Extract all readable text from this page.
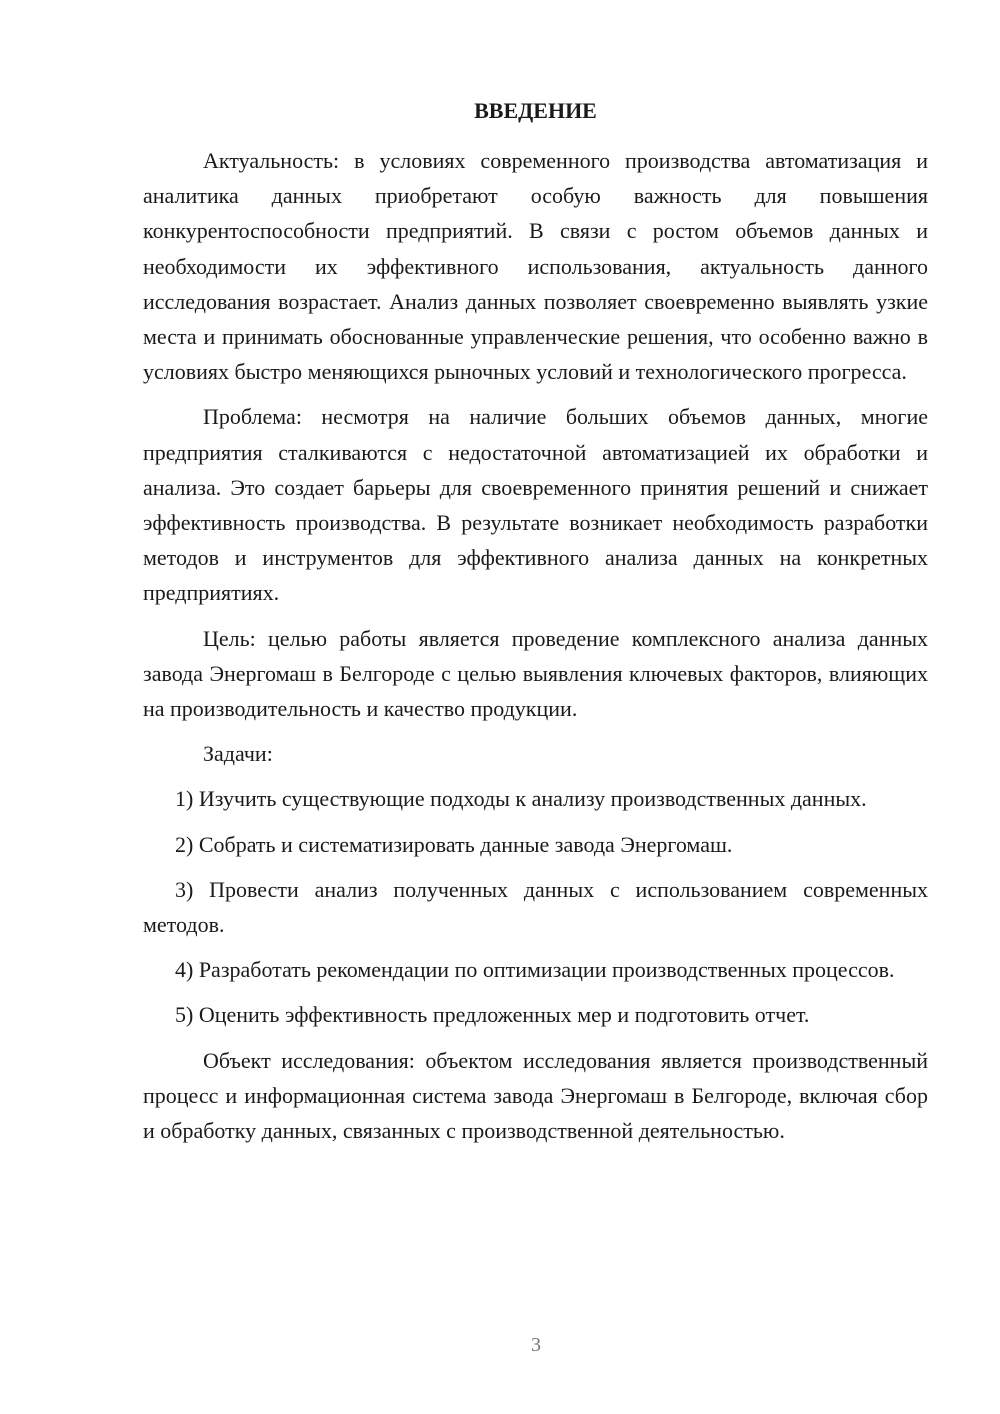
ВВЕДЕНИЕ

Актуальность: в условиях современного производства автоматизация и аналитика данных приобретают особую важность для повышения конкурентоспособности предприятий. В связи с ростом объемов данных и необходимости их эффективного использования, актуальность данного исследования возрастает. Анализ данных позволяет своевременно выявлять узкие места и принимать обоснованные управленческие решения, что особенно важно в условиях быстро меняющихся рыночных условий и технологического прогресса.

Проблема: несмотря на наличие больших объемов данных, многие предприятия сталкиваются с недостаточной автоматизацией их обработки и анализа. Это создает барьеры для своевременного принятия решений и снижает эффективность производства. В результате возникает необходимость разработки методов и инструментов для эффективного анализа данных на конкретных предприятиях.

Цель: целью работы является проведение комплексного анализа данных завода Энергомаш в Белгороде с целью выявления ключевых факторов, влияющих на производительность и качество продукции.

Задачи:

1) Изучить существующие подходы к анализу производственных данных.

2) Собрать и систематизировать данные завода Энергомаш.

3) Провести анализ полученных данных с использованием современных методов.

4) Разработать рекомендации по оптимизации производственных процессов.

5) Оценить эффективность предложенных мер и подготовить отчет.

Объект исследования: объектом исследования является производственный процесс и информационная система завода Энергомаш в Белгороде, включая сбор и обработку данных, связанных с производственной деятельностью.

3
